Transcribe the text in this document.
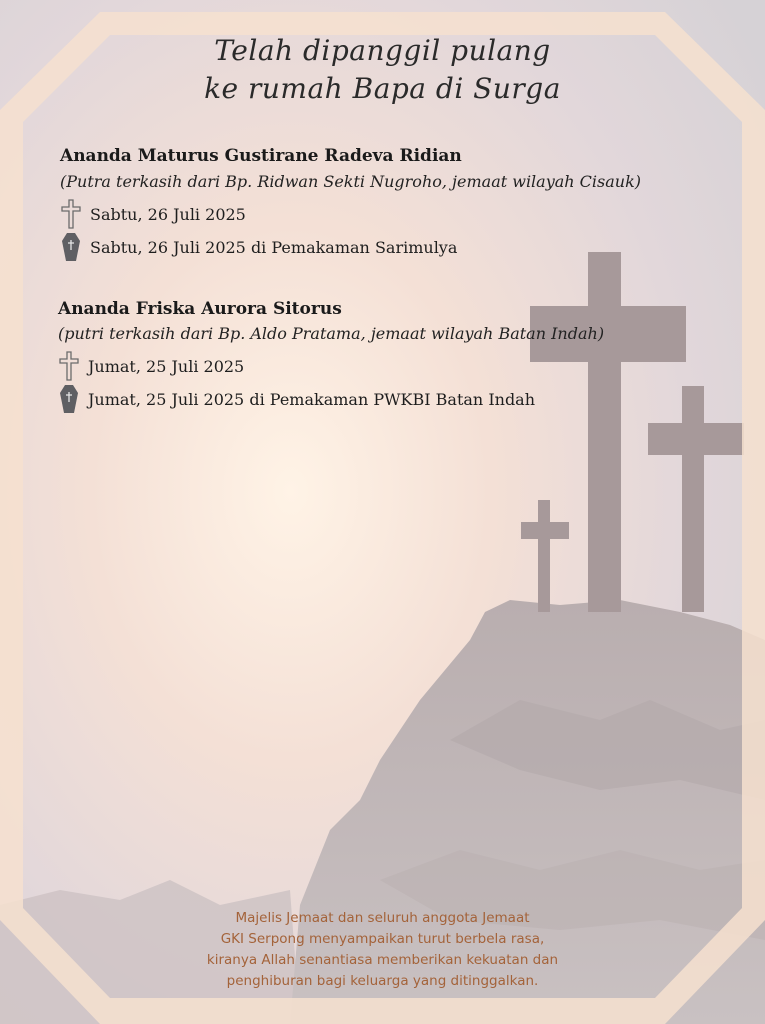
Telah dipanggil pulang
ke rumah Bapa di Surga
Ananda Maturus Gustirane Radeva Ridian
(Putra terkasih dari Bp. Ridwan Sekti Nugroho, jemaat wilayah Cisauk)
Sabtu, 26 Juli 2025
Sabtu, 26 Juli 2025 di Pemakaman Sarimulya
Ananda Friska Aurora Sitorus
(putri terkasih dari Bp. Aldo Pratama, jemaat wilayah Batan Indah)
Jumat, 25 Juli 2025
Jumat, 25 Juli 2025 di Pemakaman PWKBI Batan Indah
Majelis Jemaat dan seluruh anggota Jemaat
GKI Serpong menyampaikan turut berbela rasa,
kiranya Allah senantiasa memberikan kekuatan dan
penghiburan bagi keluarga yang ditinggalkan.
